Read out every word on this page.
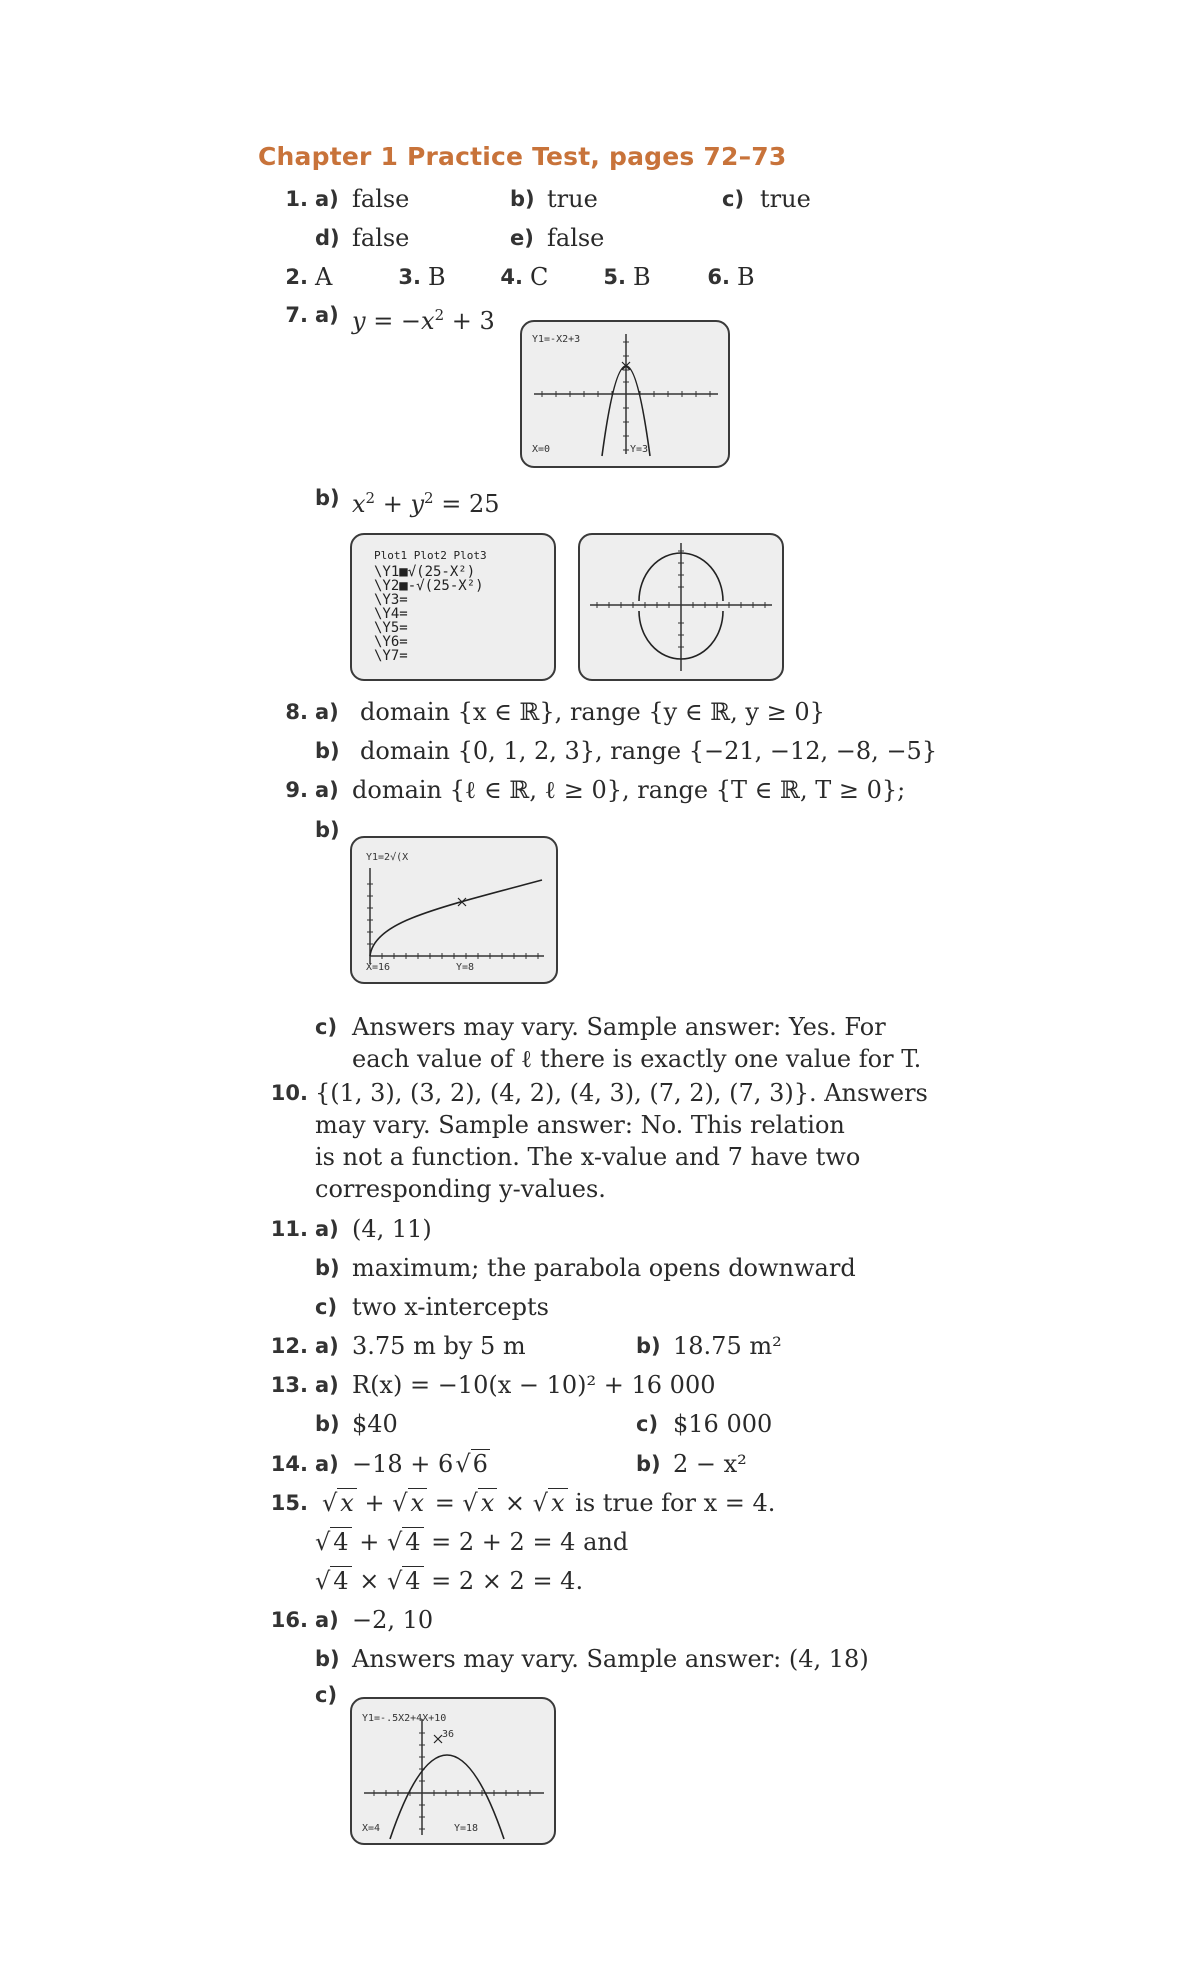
Chapter 1 Practice Test, pages 72–73
1. a) false	b) true	c) true
d) false	e) false
2. A	3. B	4. C	5. B	6. B
7. a) $y = -x^2 + 3$
Y1=-X2+3
X=0	Y=3
b) $x^2 + y^2 = 25$
Plot1 Plot2 Plot3
\Y1■√(25-X²)
\Y2■-√(25-X²)
\Y3=
\Y4=
\Y5=
\Y6=
\Y7=
8. a) domain {x ∈ ℝ}, range {y ∈ ℝ, y ≥ 0}
b) domain {0, 1, 2, 3}, range {−21, −12, −8, −5}
9. a) domain {ℓ ∈ ℝ, ℓ ≥ 0}, range {T ∈ ℝ, T ≥ 0};
b)
Y1=2√(X
X=16	Y=8
c) Answers may vary. Sample answer: Yes. For
each value of ℓ there is exactly one value for T.
10. {(1, 3), (3, 2), (4, 2), (4, 3), (7, 2), (7, 3)}. Answers
may vary. Sample answer: No. This relation
is not a function. The x-value and 7 have two
corresponding y-values.
11. a) (4, 11)
b) maximum; the parabola opens downward
c) two x-intercepts
12. a) 3.75 m by 5 m	b) 18.75 m²
13. a) R(x) = −10(x − 10)² + 16 000
b) $40	c) $16 000
14. a) −18 + 6√6	b) 2 − x²
15. √ x + √ x = √ x × √ x is true for x = 4.
√ 4 + √ 4 = 2 + 2 = 4 and
√ 4 × √ 4 = 2 × 2 = 4.
16. a) −2, 10
b) Answers may vary. Sample answer: (4, 18)
c)
Y1=-.5X2+4X+10
36
X=4	Y=18
